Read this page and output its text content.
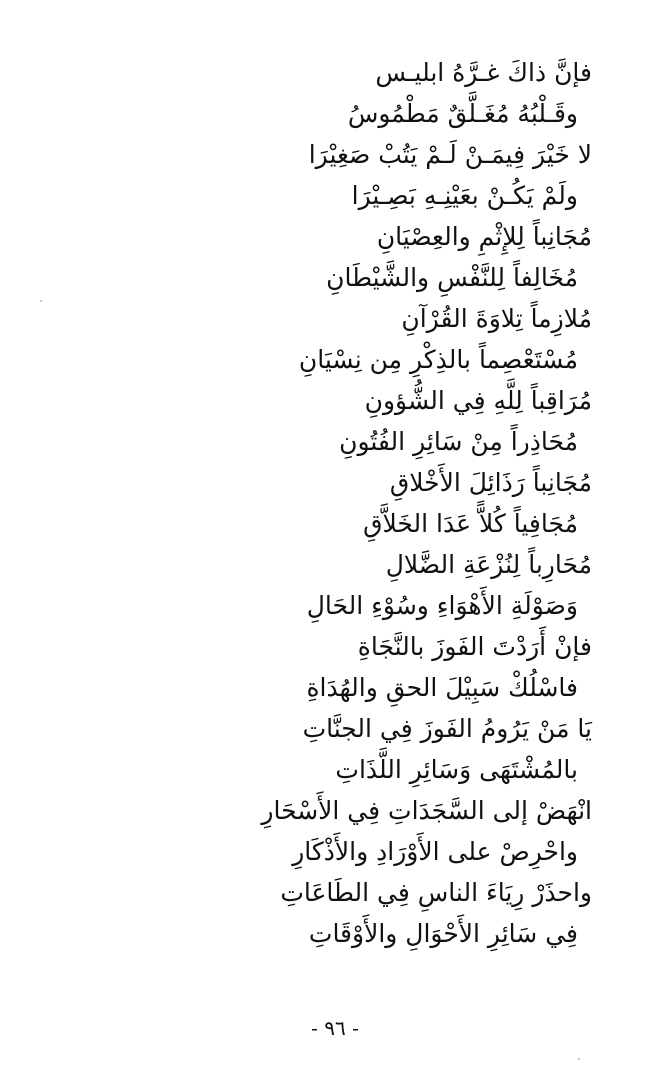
فإنَّ ذاكَ غـرَّهُ ابليـس
وقَـلْبُهُ مُغَـلَّقٌ مَطْمُوسُ
لا خَيْرَ فِيمَـنْ لَـمْ يَتُبْ صَغِيْرَا
ولَمْ يَكُـنْ بعَيْنِـهِ بَصِـيْرَا
مُجَانِباً لِلإِثْمِ والعِصْيَانِ
مُخَالِفاً لِلنَّفْسِ والشَّيْطَانِ
مُلازِماً تِلاوَةَ القُرْآنِ
مُسْتَعْصِماً بالذِكْرِ مِن نِسْيَانِ
مُرَاقِباً لِلَّهِ فِي الشُّؤونِ
مُحَاذِراً مِنْ سَائِرِ الفُتُونِ
مُجَانِباً رَذَائِلَ الأَخْلاقِ
مُجَافِياً كُلاًّ عَدَا الخَلاَّقِ
مُحَارِباً لِنُزْعَةِ الضَّلالِ
وَصَوْلَةِ الأَهْوَاءِ وسُوْءِ الحَالِ
فإنْ أَرَدْتَ الفَوزَ بالنَّجَاةِ
فاسْلُكْ سَبِيْلَ الحقِ والهُدَاةِ
يَا مَنْ يَرُومُ الفَوزَ فِي الجنَّاتِ
بالمُشْتَهَى وَسَائِرِ اللَّذَاتِ
انْهَضْ إلى السَّجَدَاتِ فِي الأَسْحَارِ
واحْرِصْ على الأَوْرَادِ والأَذْكَارِ
واحذَرْ رِيَاءَ الناسِ فِي الطَاعَاتِ
فِي سَائِرِ الأَحْوَالِ والأَوْقَاتِ
- ٩٦ -
